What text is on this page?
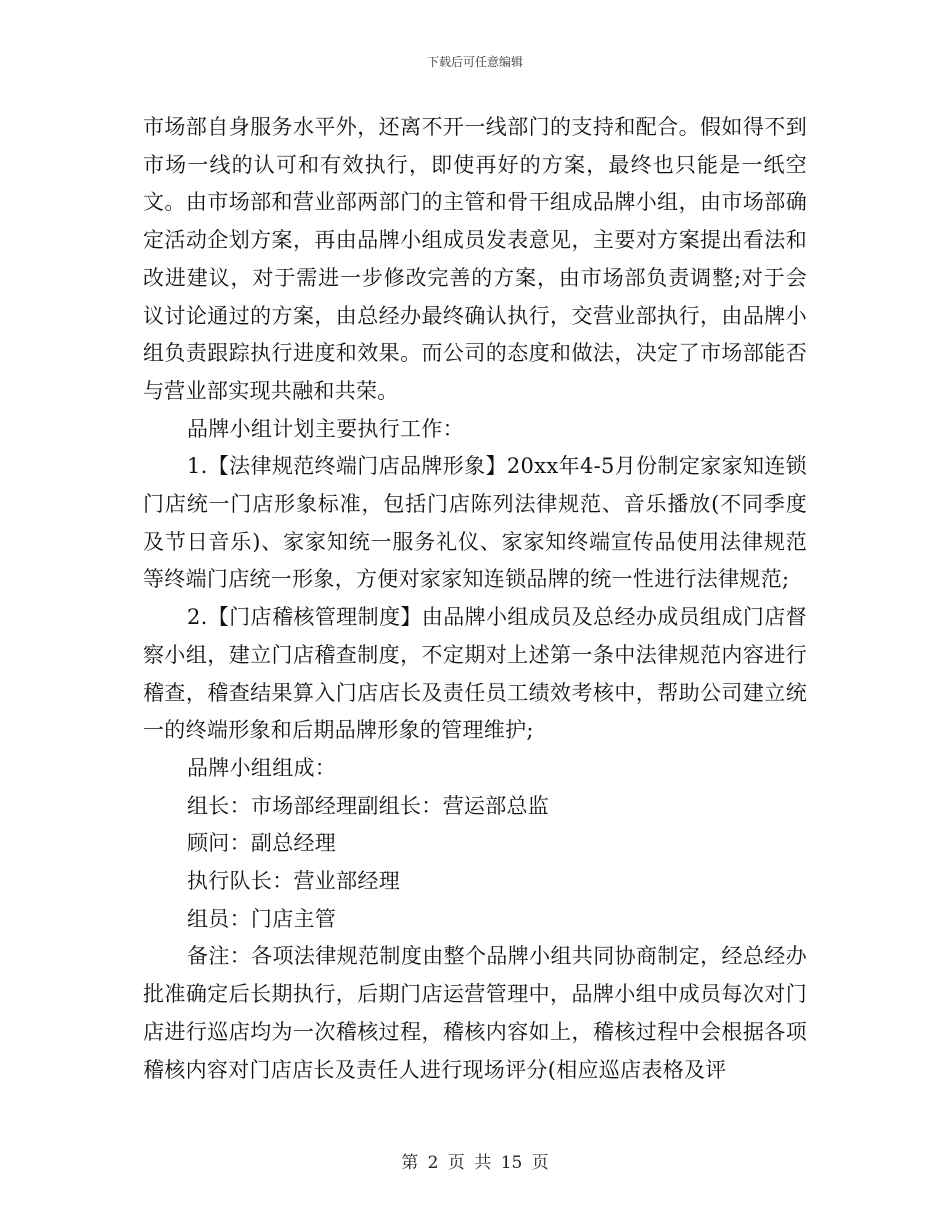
下载后可任意编辑

市场部自身服务水平外，还离不开一线部门的支持和配合。假如得不到市场一线的认可和有效执行，即使再好的方案，最终也只能是一纸空文。由市场部和营业部两部门的主管和骨干组成品牌小组，由市场部确定活动企划方案，再由品牌小组成员发表意见，主要对方案提出看法和改进建议，对于需进一步修改完善的方案，由市场部负责调整;对于会议讨论通过的方案，由总经办最终确认执行，交营业部执行，由品牌小组负责跟踪执行进度和效果。而公司的态度和做法，决定了市场部能否与营业部实现共融和共荣。

品牌小组计划主要执行工作：

1.【法律规范终端门店品牌形象】20xx年4-5月份制定家家知连锁门店统一门店形象标准，包括门店陈列法律规范、音乐播放(不同季度及节日音乐)、家家知统一服务礼仪、家家知终端宣传品使用法律规范等终端门店统一形象，方便对家家知连锁品牌的统一性进行法律规范;

2.【门店稽核管理制度】由品牌小组成员及总经办成员组成门店督察小组，建立门店稽查制度，不定期对上述第一条中法律规范内容进行稽查，稽查结果算入门店店长及责任员工绩效考核中，帮助公司建立统一的终端形象和后期品牌形象的管理维护;

品牌小组组成：

组长：市场部经理副组长：营运部总监

顾问：副总经理

执行队长：营业部经理

组员：门店主管

备注：各项法律规范制度由整个品牌小组共同协商制定，经总经办批准确定后长期执行，后期门店运营管理中，品牌小组中成员每次对门店进行巡店均为一次稽核过程，稽核内容如上，稽核过程中会根据各项稽核内容对门店店长及责任人进行现场评分(相应巡店表格及评

第 2 页 共 15 页
